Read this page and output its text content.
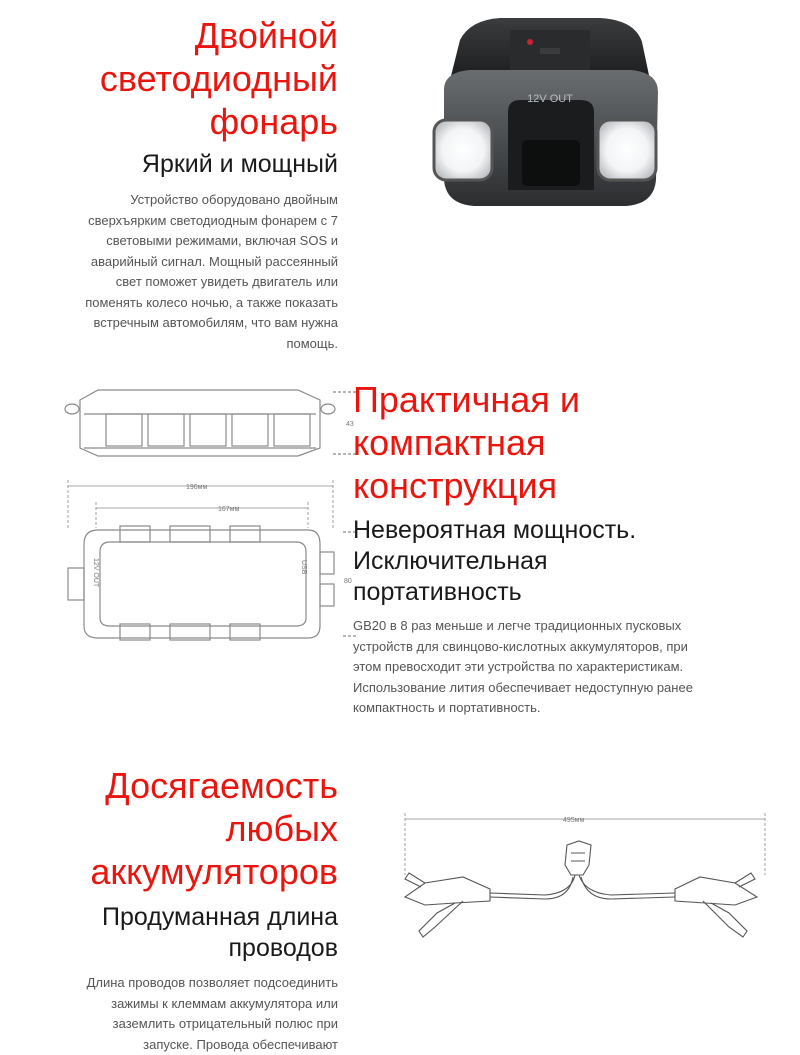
Двойной

светодиодный

фонарь

Яркий и мощный

Устройство оборудовано двойным

сверхъярким светодиодным фонарем с 7

световыми режимами, включая SOS и

аварийный сигнал. Мощный рассеянный

свет поможет увидеть двигатель или

поменять колесо ночью, а также показать

встречным автомобилям, что вам нужна

помощь.

12V OUT
43
196мм
167мм
12V OUT	USB
80

Практичная и

компактная

конструкция

Невероятная мощность.

Исключительная

портативность

GB20 в 8 раз меньше и легче традиционных пусковых

устройств для свинцово-кислотных аккумуляторов, при

этом превосходит эти устройства по характеристикам.

Использование лития обеспечивает недоступную ранее

компактность и портативность.

Досягаемость

любых

аккумуляторов

Продуманная длина

проводов

Длина проводов позволяет подсоединить

зажимы к клеммам аккумулятора или

заземлить отрицательный полюс при

запуске. Провода обеспечивают

495мм
